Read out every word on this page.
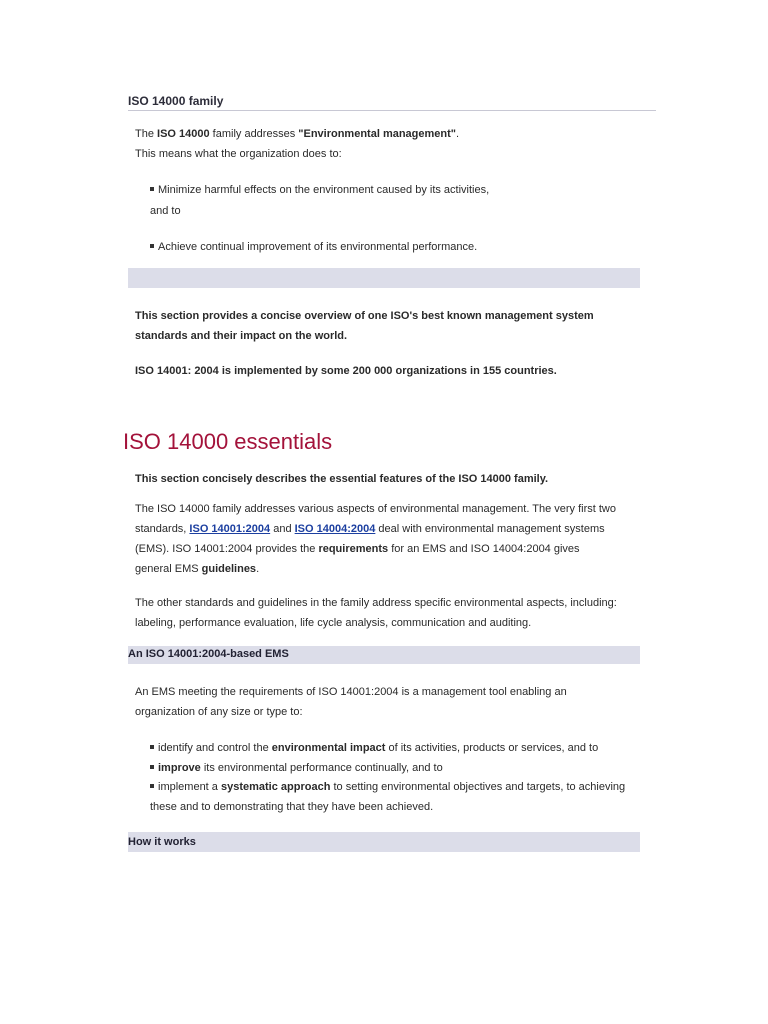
ISO 14000 family
The ISO 14000 family addresses "Environmental management".
This means what the organization does to:
Minimize harmful effects on the environment caused by its activities,
and to
Achieve continual improvement of its environmental performance.
This section provides a concise overview of one ISO's best known management system
standards and their impact on the world.
ISO 14001: 2004 is implemented by some 200 000 organizations in 155 countries.
ISO 14000 essentials
This section concisely describes the essential features of the ISO 14000 family.
The ISO 14000 family addresses various aspects of environmental management. The very first two
standards, ISO 14001:2004 and ISO 14004:2004 deal with environmental management systems
(EMS). ISO 14001:2004 provides the requirements for an EMS and ISO 14004:2004 gives
general EMS guidelines.
The other standards and guidelines in the family address specific environmental aspects, including:
labeling, performance evaluation, life cycle analysis, communication and auditing.
An ISO 14001:2004-based EMS
An EMS meeting the requirements of ISO 14001:2004 is a management tool enabling an
organization of any size or type to:
identify and control the environmental impact of its activities, products or services, and to
improve its environmental performance continually, and to
implement a systematic approach to setting environmental objectives and targets, to achieving
these and to demonstrating that they have been achieved.
How it works
